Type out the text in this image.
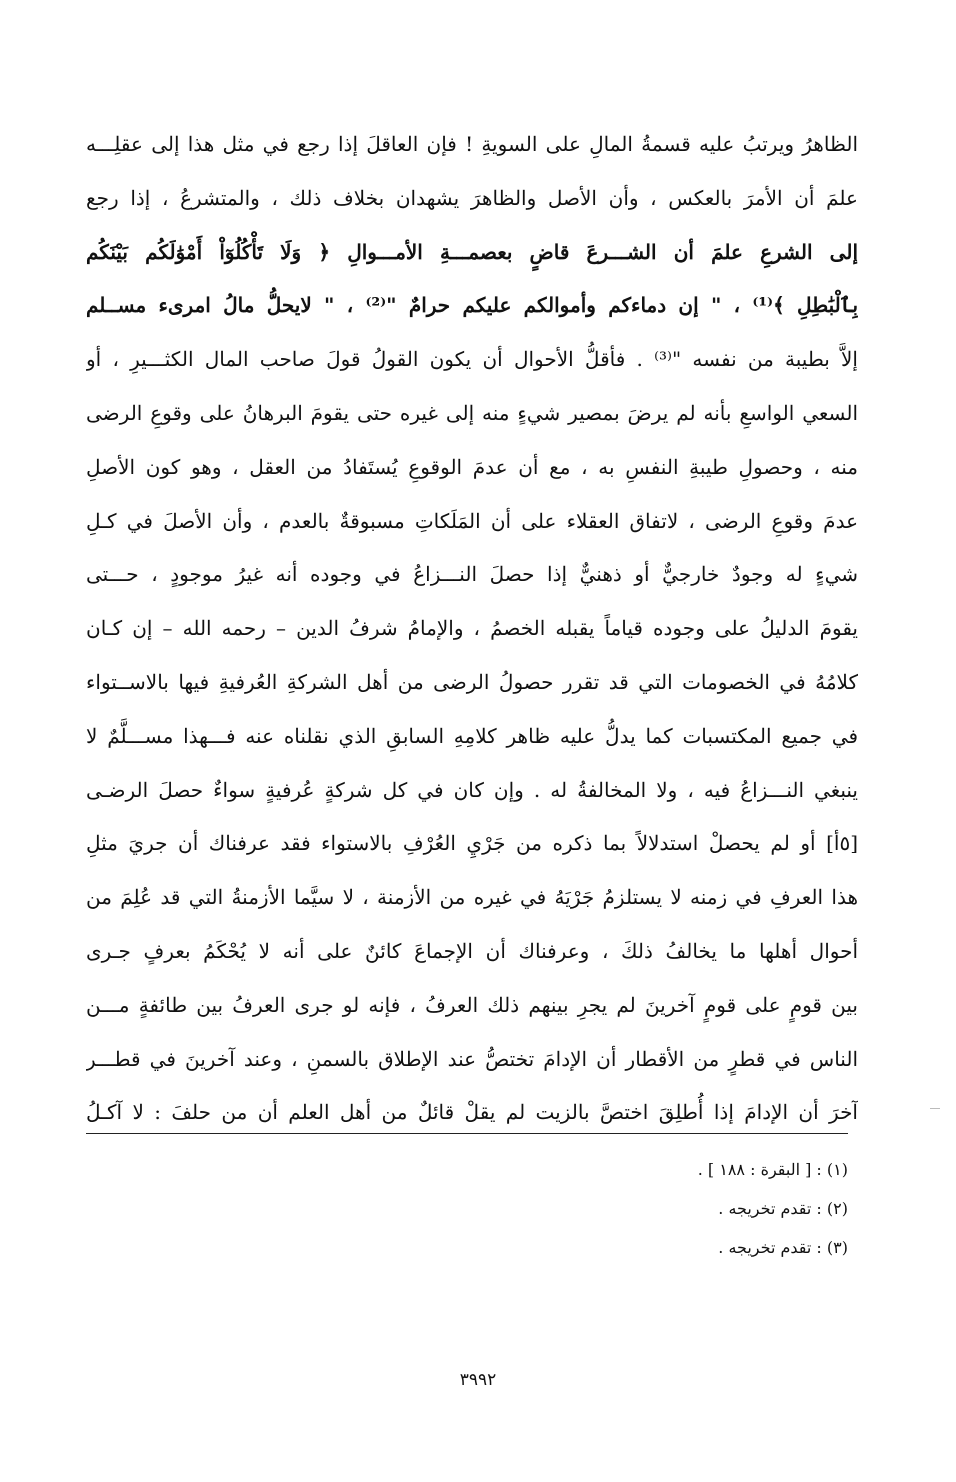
الظاهرُ ويرتبُ عليه قسمةُ المالِ على السويةِ ! فإن العاقلَ إذا رجع في مثل هذا إلى عقلِـــه
علمَ أن الأمرَ بالعكس ، وأن الأصل والظاهرَ يشهدان بخلاف ذلك ، والمتشرعُ ، إذا رجع
إلى الشرعِ علمَ أن الشـــرعَ قاضٍ بعصمـــةِ الأمـــوالِ ﴿ وَلَا تَأْكُلُوٓاْ أَمْوَٰلَكُم بَيْنَكُم
بِٱلْبَٰطِلِ ﴾⁽¹⁾ ، " إن دماءكم وأموالكم عليكم حرامٌ "⁽²⁾ ، " لايحلُّ مالُ امرىء مســلم
إلاَّ بطيبة من نفسه "⁽³⁾ . فأقلُّ الأحوال أن يكون القولُ قولَ صاحب المال الكثـــيرِ ، أو
السعي الواسعِ بأنه لم يرضَ بمصير شيءٍ منه إلى غيره حتى يقومَ البرهانُ على وقوعِ الرضى
منه ، وحصولِ طيبةِ النفسِ به ، مع أن عدمَ الوقوعِ يُستَفادُ من العقل ، وهو كون الأصلِ
عدمَ وقوعِ الرضى ، لاتفاق العقلاء على أن المَلَكاتِ مسبوقةٌ بالعدم ، وأن الأصلَ في كـلِ
شيءٍ له وجودٌ خارجيٌّ أو ذهنيٌّ إذا حصلَ النـــزاعُ في وجوده أنه غيرُ موجودٍ ، حـــتى
يقومَ الدليلُ على وجوده قياماً يقبله الخصمُ ، والإمامُ شرفُ الدين – رحمه الله – إن كـان
كلامُهُ في الخصومات التي قد تقرر حصولُ الرضى من أهل الشركةِ العُرفيةِ فيها بالاســتواء
في جميع المكتسبات كما يدلُّ عليه ظاهر كلامِهِ السابقِ الذي نقلناه عنه فـــهذا مســـلَّمٌ لا
ينبغي النـــزاعُ فيه ، ولا المخالفةُ له . وإن كان في كل شركةٍ عُرفيةٍ سواءٌ حصلَ الرضـى
[٥أ] أو لم يحصلْ استدلالاً بما ذكره من جَرْيِ العُرْفِ بالاستواء فقد عرفناك أن جريَ مثلِ
هذا العرفِ في زمنه لا يستلزمُ جَرْيَهُ في غيره من الأزمنة ، لا سيَّما الأزمنةُ التي قد عُلِمَ من
أحوال أهلها ما يخالفُ ذلكَ ، وعرفناك أن الإجماعَ كائنٌ على أنه لا يُحْكَمُ بعرفٍ جـرى
بين قومٍ على قومٍ آخرينَ لم يجرِ بينهم ذلك العرفُ ، فإنه لو جرى العرفُ بين طائفةٍ مـــن
الناس في قطرٍ من الأقطار أن الإدامَ تختصُّ عند الإطلاق بالسمنِ ، وعند آخرينَ في قطـــر
آخرَ أن الإدامَ إذا أُطلِقَ اختصَّ بالزيت لم يقلْ قائلٌ من أهل العلم أن من حلفَ : لا آكـلُ
(١) : [ البقرة : ١٨٨ ] .
(٢) : تقدم تخريجه .
(٣) : تقدم تخريجه .
٣٩٩٢
